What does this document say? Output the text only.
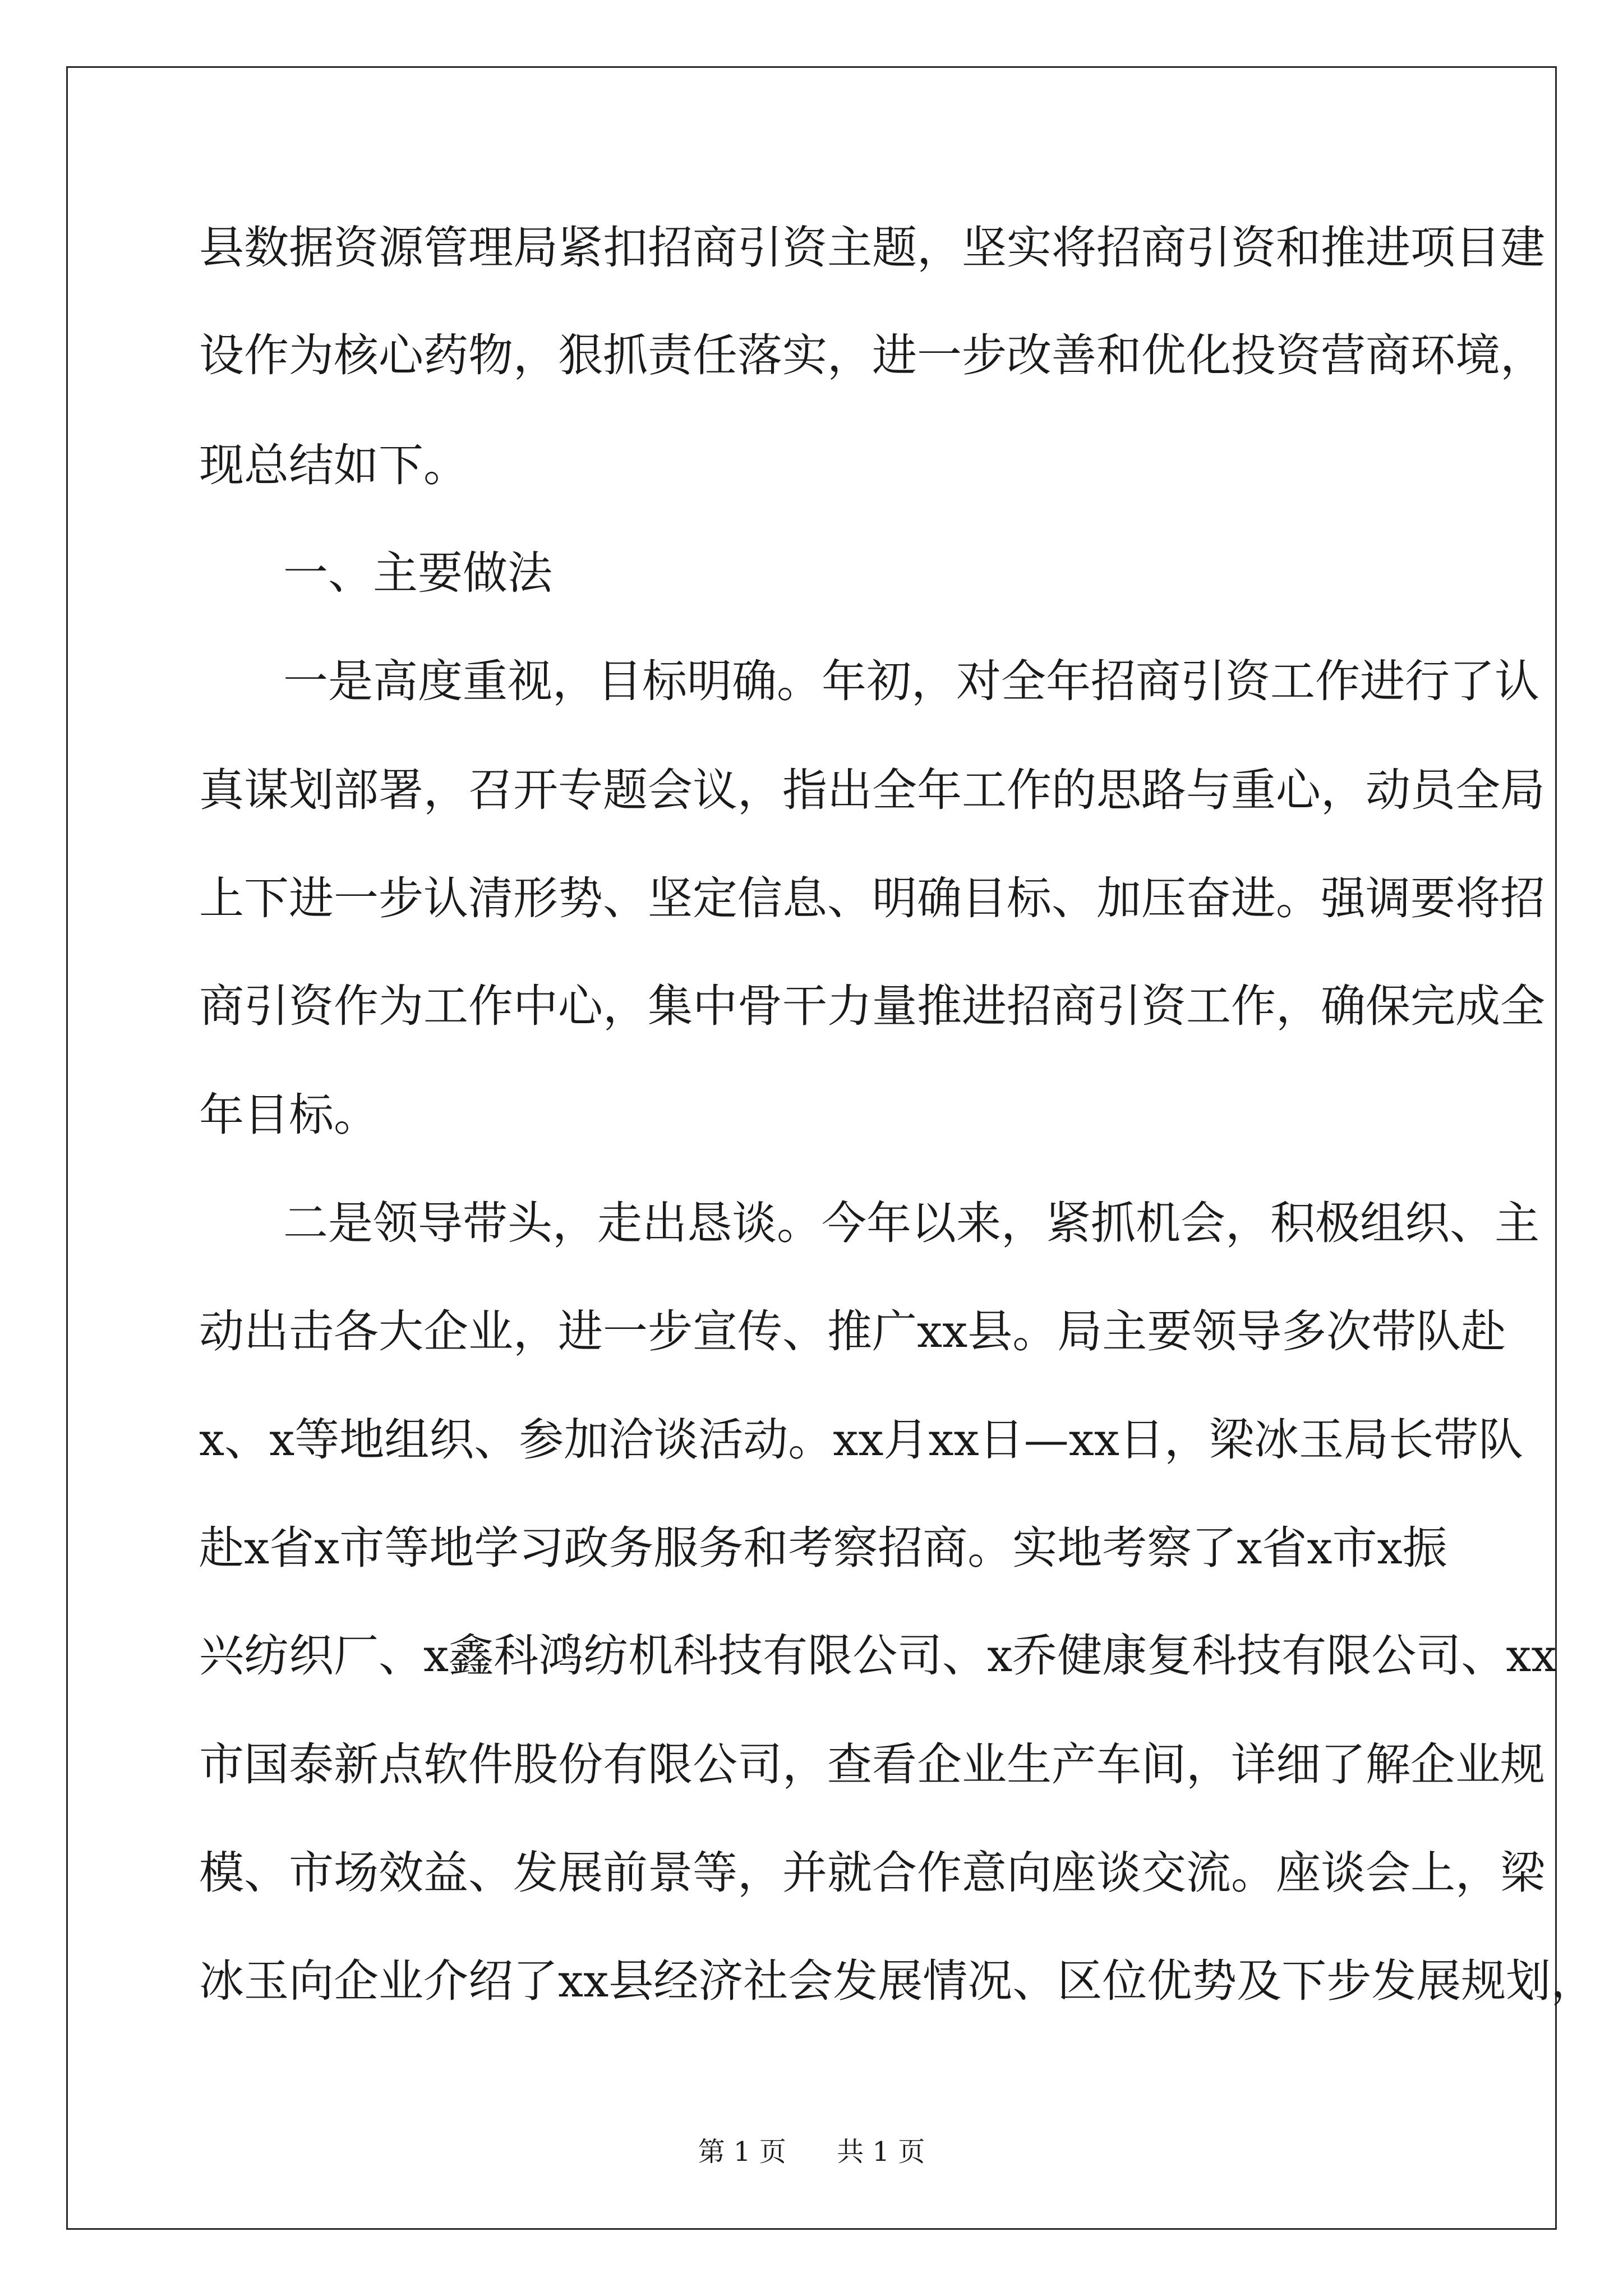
县 数 据 资 源 管 理 局 紧 扣 招 商 引 资 主 题 ， 坚 实 将 招 商 引 资 和 推 进 项 目 建
设 作 为 核 心 药 物 ， 狠 抓 责 任 落 实 ， 进 一 步 改 善 和 优 化 投 资 营 商 环 境 ，
现总结如下。
一、主要做法
一 是 高 度 重 视 ， 目 标 明 确 。 年 初 ， 对 全 年 招 商 引 资 工 作 进 行 了 认
真 谋 划 部 署 ， 召 开 专 题 会 议 ， 指 出 全 年 工 作 的 思 路 与 重 心 ， 动 员 全 局
上 下 进 一 步 认 清 形 势 、 坚 定 信 息 、 明 确 目 标 、 加 压 奋 进 。 强 调 要 将 招
商 引 资 作 为 工 作 中 心 ， 集 中 骨 干 力 量 推 进 招 商 引 资 工 作 ， 确 保 完 成 全
年目标。
二 是 领 导 带 头 ， 走 出 恳 谈 。 今 年 以 来 ， 紧 抓 机 会 ， 积 极 组 织 、 主
动 出 击 各 大 企 业 ， 进 一 步 宣 传 、 推 广 x x 县 。 局 主 要 领 导 多 次 带 队 赴
x 、 x 等 地 组 织 、 参 加 洽 谈 活 动 。 x x 月 x x 日 — x x 日 ， 梁 冰 玉 局 长 带 队
赴 x 省 x 市 等 地 学 习 政 务 服 务 和 考 察 招 商 。 实 地 考 察 了 x 省 x 市 x 振
兴 纺 织 厂 、 x 鑫 科 鸿 纺 机 科 技 有 限 公 司 、 x 乔 健 康 复 科 技 有 限 公 司 、 x x
市 国 泰 新 点 软 件 股 份 有 限 公 司 ， 查 看 企 业 生 产 车 间 ， 详 细 了 解 企 业 规
模 、 市 场 效 益 、 发 展 前 景 等 ， 并 就 合 作 意 向 座 谈 交 流 。 座 谈 会 上 ， 梁
冰 玉 向 企 业 介 绍 了 x x 县 经 济 社 会 发 展 情 况 、 区 位 优 势 及 下 步 发 展 规 划 ，
第 1 页 共 1 页
